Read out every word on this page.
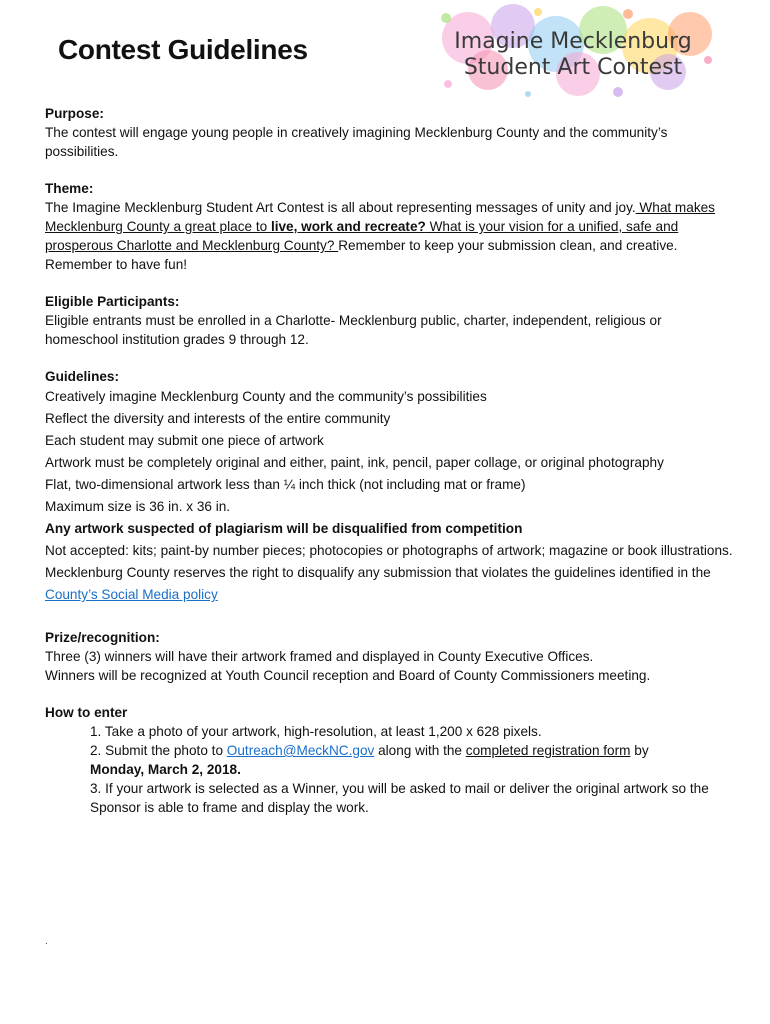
Contest Guidelines	Imagine Mecklenburg
Student Art Contest
Purpose:

The contest will engage young people in creatively imagining Mecklenburg County and the community’s possibilities.

Theme:

The Imagine Mecklenburg Student Art Contest is all about representing messages of unity and joy. What makes Mecklenburg County a great place to live, work and recreate? What is your vision for a unified, safe and prosperous Charlotte and Mecklenburg County? Remember to keep your submission clean, and creative. Remember to have fun!

Eligible Participants:

Eligible entrants must be enrolled in a Charlotte- Mecklenburg public, charter, independent, religious or homeschool institution grades 9 through 12.

Guidelines:
Creatively imagine Mecklenburg County and the community’s possibilities
Reflect the diversity and interests of the entire community
Each student may submit one piece of artwork
Artwork must be completely original and either, paint, ink, pencil, paper collage, or original photography
Flat, two-dimensional artwork less than ¼ inch thick (not including mat or frame)
Maximum size is 36 in. x 36 in.
Any artwork suspected of plagiarism will be disqualified from competition
Not accepted: kits; paint-by number pieces; photocopies or photographs of artwork; magazine or book illustrations.
Mecklenburg County reserves the right to disqualify any submission that violates the guidelines identified in the County’s Social Media policy
Prize/recognition:
Three (3) winners will have their artwork framed and displayed in County Executive Offices.
Winners will be recognized at Youth Council reception and Board of County Commissioners meeting.
How to enter
1. Take a photo of your artwork, high-resolution, at least 1,200 x 628 pixels.
2. Submit the photo to Outreach@MeckNC.gov along with the completed registration form by
Monday, March 2, 2018.
3. If your artwork is selected as a Winner, you will be asked to mail or deliver the original artwork so the Sponsor is able to frame and display the work.
.
